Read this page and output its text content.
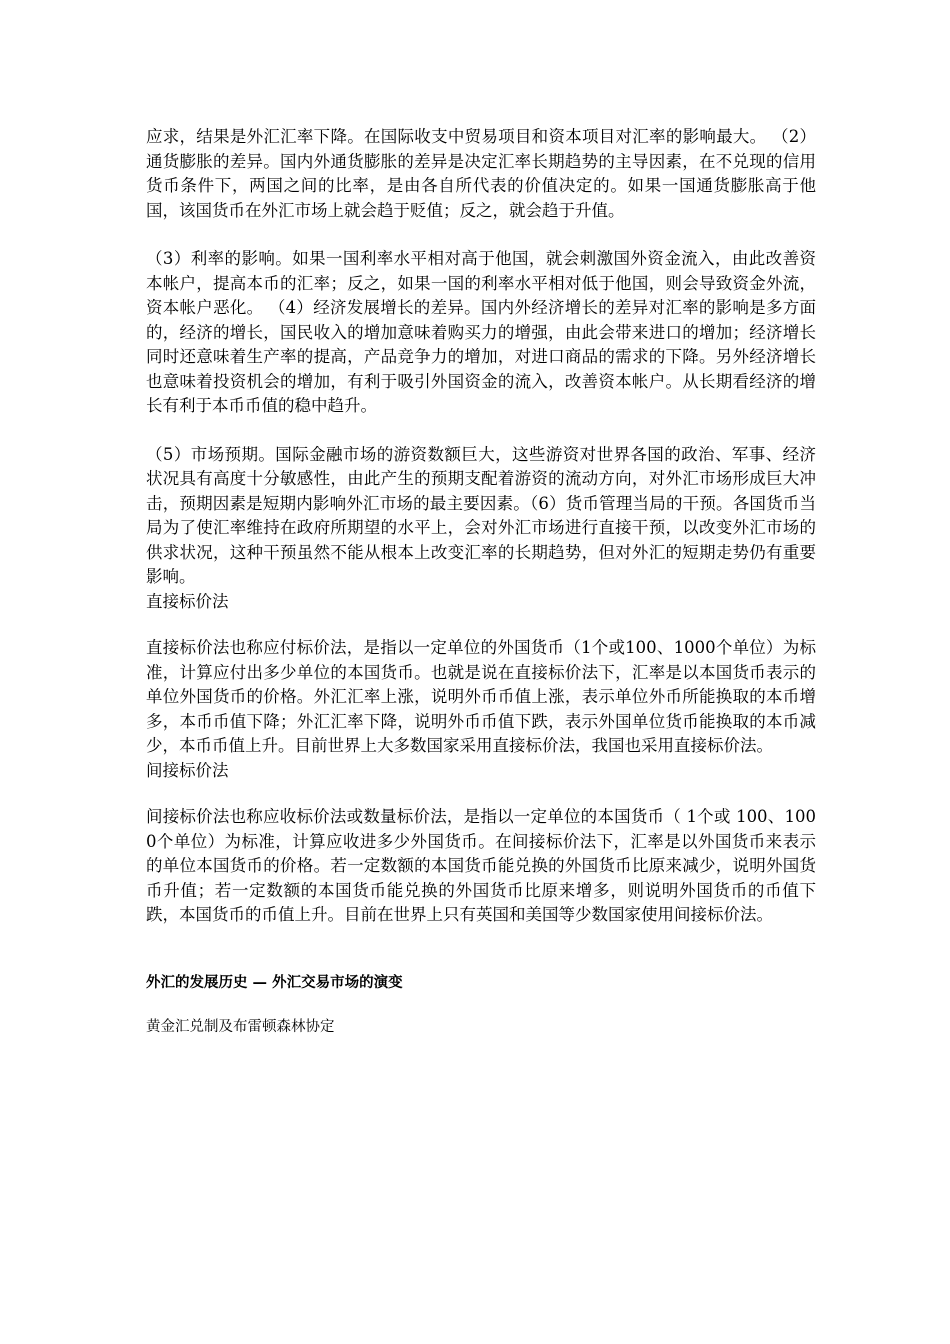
应求，结果是外汇汇率下降。在国际收支中贸易项目和资本项目对汇率的影响最大。 （2）通货膨胀的差异。国内外通货膨胀的差异是决定汇率长期趋势的主导因素，在不兑现的信用货币条件下，两国之间的比率，是由各自所代表的价值决定的。如果一国通货膨胀高于他国，该国货币在外汇市场上就会趋于贬值；反之，就会趋于升值。

（3）利率的影响。如果一国利率水平相对高于他国，就会刺激国外资金流入，由此改善资本帐户，提高本币的汇率；反之，如果一国的利率水平相对低于他国，则会导致资金外流，资本帐户恶化。 （4）经济发展增长的差异。国内外经济增长的差异对汇率的影响是多方面的，经济的增长，国民收入的增加意味着购买力的增强，由此会带来进口的增加；经济增长同时还意味着生产率的提高，产品竞争力的增加，对进口商品的需求的下降。另外经济增长也意味着投资机会的增加，有利于吸引外国资金的流入，改善资本帐户。从长期看经济的增长有利于本币币值的稳中趋升。

（5）市场预期。国际金融市场的游资数额巨大，这些游资对世界各国的政治、军事、经济状况具有高度十分敏感性，由此产生的预期支配着游资的流动方向，对外汇市场形成巨大冲击，预期因素是短期内影响外汇市场的最主要因素。（6）货币管理当局的干预。各国货币当局为了使汇率维持在政府所期望的水平上，会对外汇市场进行直接干预，以改变外汇市场的供求状况，这种干预虽然不能从根本上改变汇率的长期趋势，但对外汇的短期走势仍有重要影响。

直接标价法

直接标价法也称应付标价法，是指以一定单位的外国货币（1个或100、1000个单位）为标准，计算应付出多少单位的本国货币。也就是说在直接标价法下，汇率是以本国货币表示的单位外国货币的价格。外汇汇率上涨，说明外币币值上涨，表示单位外币所能换取的本币增多，本币币值下降；外汇汇率下降，说明外币币值下跌，表示外国单位货币能换取的本币减少，本币币值上升。目前世界上大多数国家采用直接标价法，我国也采用直接标价法。

间接标价法

间接标价法也称应收标价法或数量标价法，是指以一定单位的本国货币（ 1个或 100、1000个单位）为标准，计算应收进多少外国货币。在间接标价法下，汇率是以外国货币来表示的单位本国货币的价格。若一定数额的本国货币能兑换的外国货币比原来减少，说明外国货币升值；若一定数额的本国货币能兑换的外国货币比原来增多，则说明外国货币的币值下跌，本国货币的币值上升。目前在世界上只有英国和美国等少数国家使用间接标价法。

外汇的发展历史 — 外汇交易市场的演变

黄金汇兑制及布雷顿森林协定
